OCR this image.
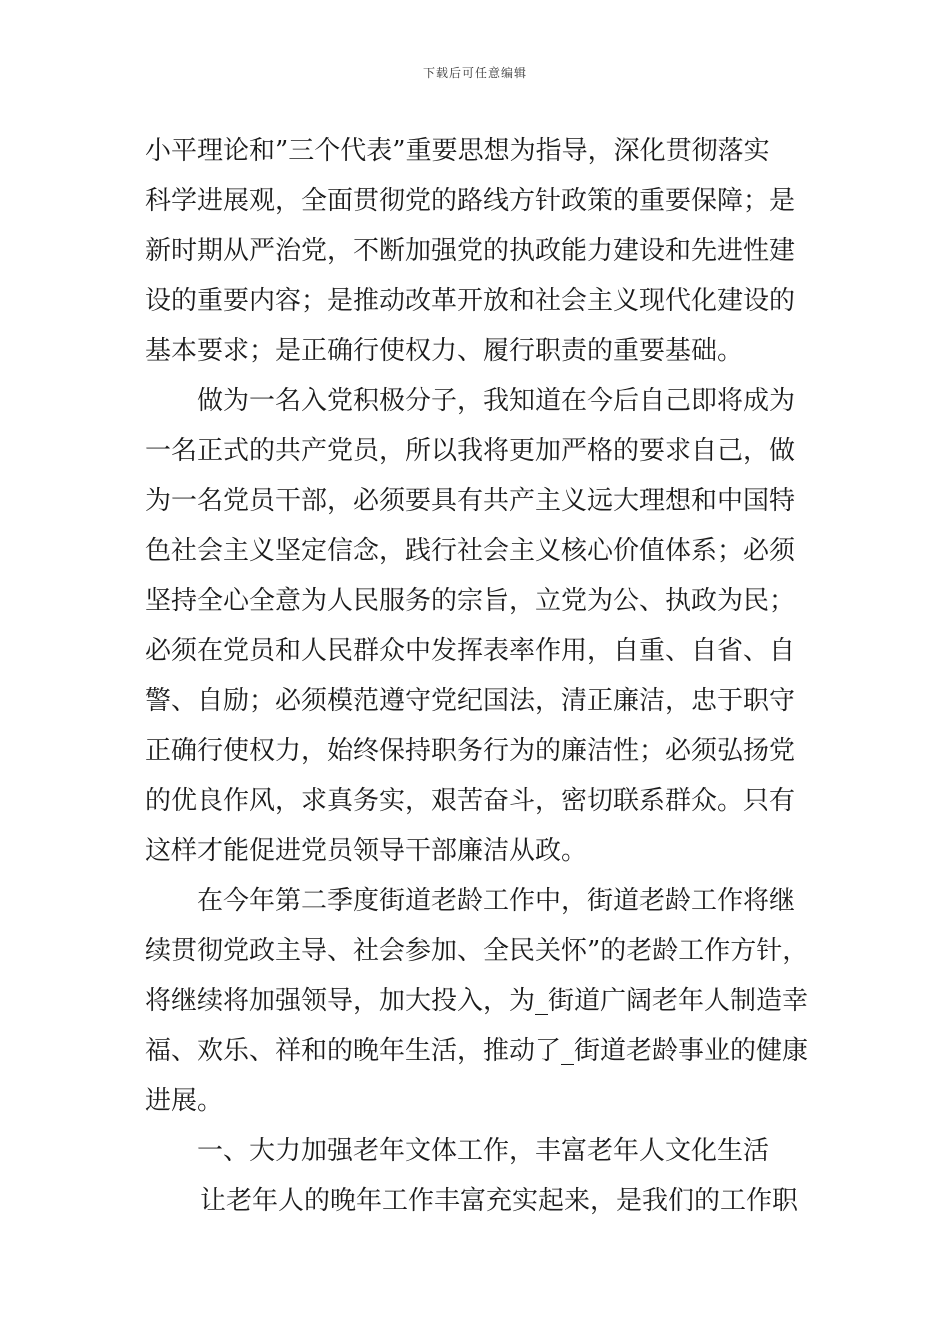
下载后可任意编辑
小平理论和”三个代表”重要思想为指导，深化贯彻落实
科学进展观，全面贯彻党的路线方针政策的重要保障；是
新时期从严治党，不断加强党的执政能力建设和先进性建
设的重要内容；是推动改革开放和社会主义现代化建设的
基本要求；是正确行使权力、履行职责的重要基础。
做为一名入党积极分子，我知道在今后自己即将成为
一名正式的共产党员，所以我将更加严格的要求自己，做
为一名党员干部，必须要具有共产主义远大理想和中国特
色社会主义坚定信念，践行社会主义核心价值体系；必须
坚持全心全意为人民服务的宗旨，立党为公、执政为民；
必须在党员和人民群众中发挥表率作用，自重、自省、自
警、自励；必须模范遵守党纪国法，清正廉洁，忠于职守
正确行使权力，始终保持职务行为的廉洁性；必须弘扬党
的优良作风，求真务实，艰苦奋斗，密切联系群众。只有
这样才能促进党员领导干部廉洁从政。
在今年第二季度街道老龄工作中，街道老龄工作将继
续贯彻党政主导、社会参加、全民关怀”的老龄工作方针，
将继续将加强领导，加大投入，为_街道广阔老年人制造幸
福、欢乐、祥和的晚年生活，推动了_街道老龄事业的健康
进展。
一、大力加强老年文体工作，丰富老年人文化生活
让老年人的晚年工作丰富充实起来，是我们的工作职
